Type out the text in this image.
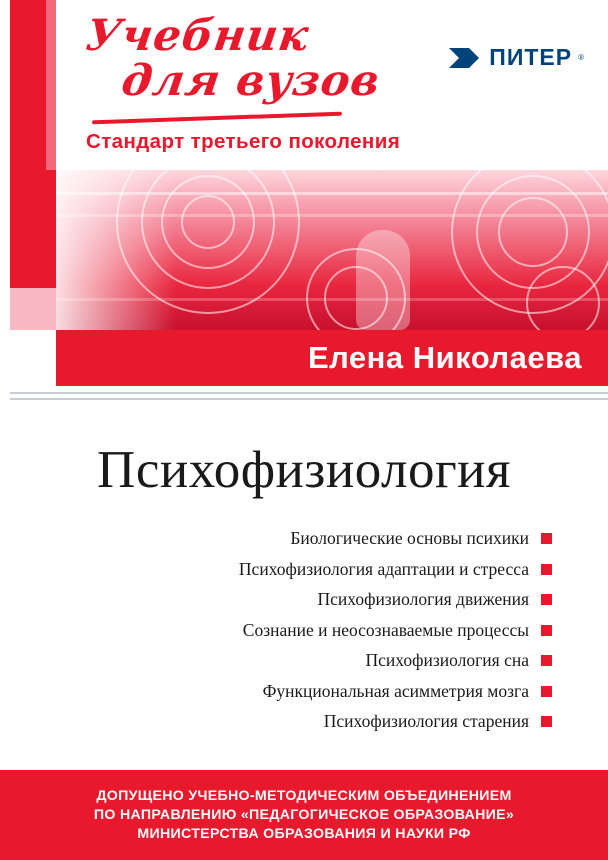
Учебник
для вузов	ПИТЕР ®
Стандарт третьего поколения
Елена Николаева
Психофизиология
Биологические основы психики
Психофизиология адаптации и стресса
Психофизиология движения
Сознание и неосознаваемые процессы
Психофизиология сна
Функциональная асимметрия мозга
Психофизиология старения
ДОПУЩЕНО УЧЕБНО-МЕТОДИЧЕСКИМ ОБЪЕДИНЕНИЕМ
ПО НАПРАВЛЕНИЮ «ПЕДАГОГИЧЕСКОЕ ОБРАЗОВАНИЕ»
МИНИСТЕРСТВА ОБРАЗОВАНИЯ И НАУКИ РФ
